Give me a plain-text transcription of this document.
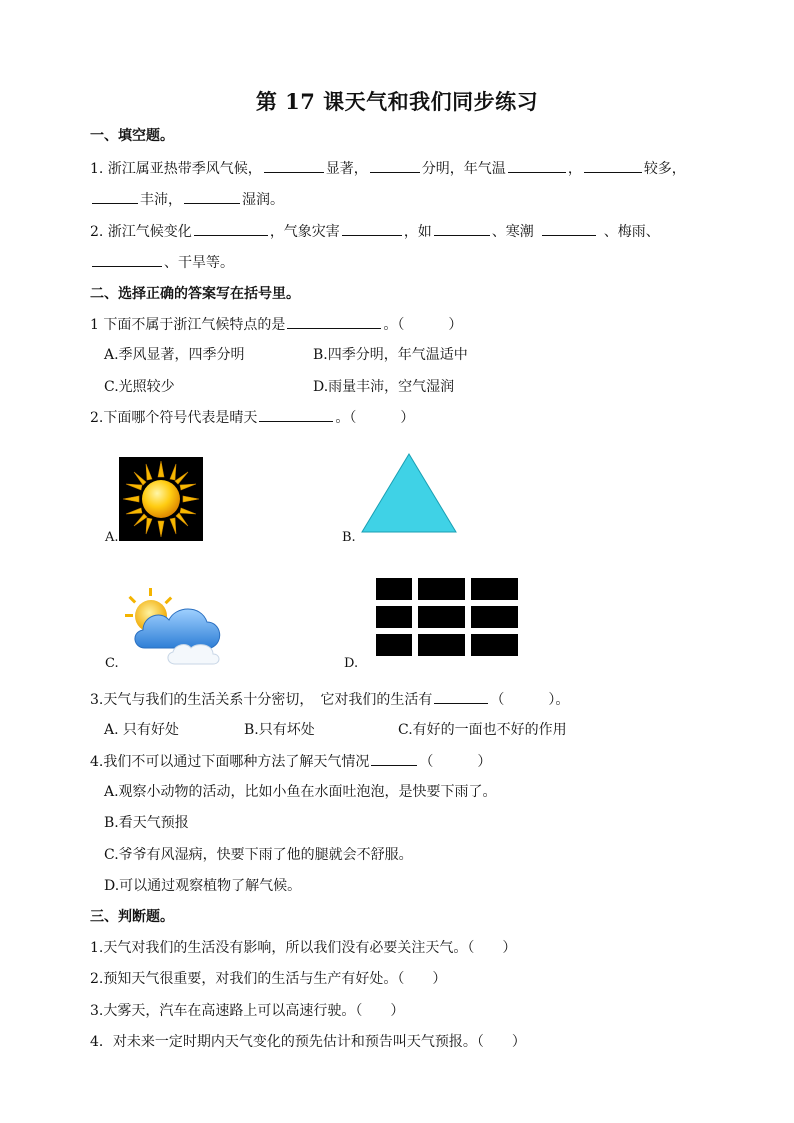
第 17 课天气和我们同步练习
一、填空题。
1. 浙江属亚热带季风气候，	显著，	分明，年气温	，	较多，
丰沛，	湿润。
2. 浙江气候变化	，气象灾害	，如	、寒潮	、梅雨、
、干旱等。
二、选择正确的答案写在括号里。
1 下面不属于浙江气候特点的是	。（	）
A.季风显著，四季分明	B.四季分明，年气温适中
C.光照较少	D.雨量丰沛，空气湿润
2.下面哪个符号代表是晴天	。（	）
A.	B.
C.	D.
3.天气与我们的生活关系十分密切，　它对我们的生活有	（	）。
A. 只有好处	B.只有坏处	C.有好的一面也不好的作用
4.我们不可以通过下面哪种方法了解天气情况	（	）
A.观察小动物的活动，比如小鱼在水面吐泡泡，是快要下雨了。
B.看天气预报
C.爷爷有风湿病，快要下雨了他的腿就会不舒服。
D.可以通过观察植物了解气候。
三、判断题。
1.天气对我们的生活没有影响，所以我们没有必要关注天气。（　　）
2.预知天气很重要，对我们的生活与生产有好处。（　　）
3.大雾天，汽车在高速路上可以高速行驶。（　　）
4．对未来一定时期内天气变化的预先估计和预告叫天气预报。（　　）
